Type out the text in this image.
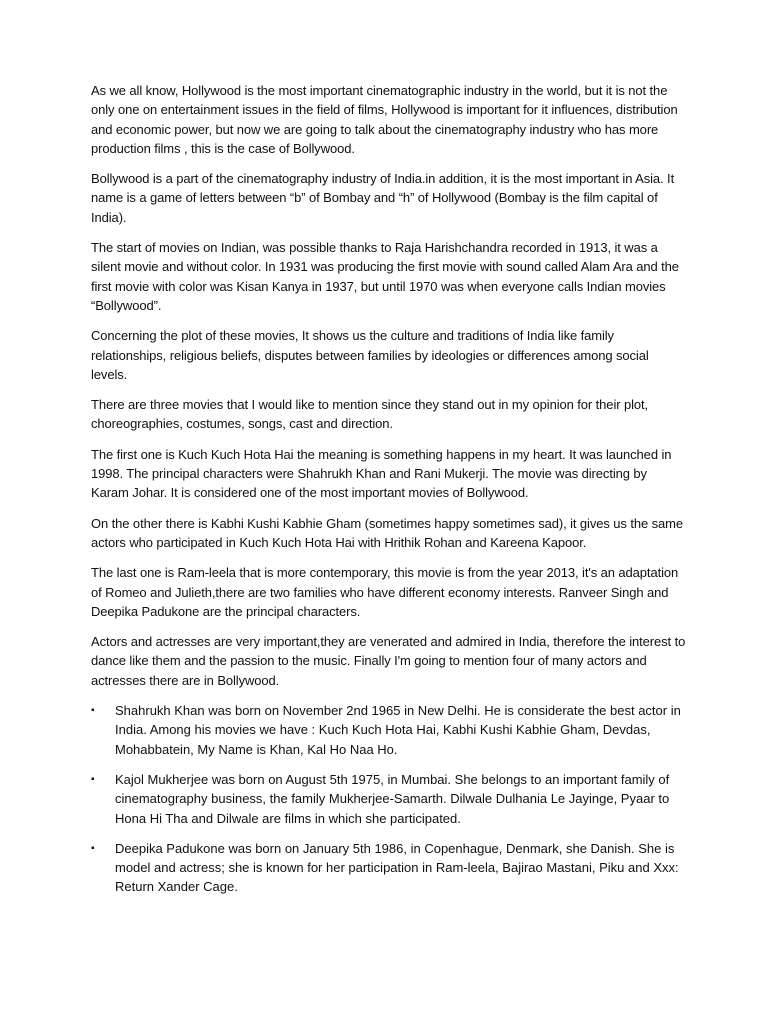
As we all know, Hollywood is the most important cinematographic industry in the world, but it is not the only one on entertainment issues in the field of films, Hollywood is important for it influences, distribution and economic power, but now we are going to talk about the cinematography industry who has more production films , this is the case of Bollywood.

Bollywood is a part of the cinematography industry of India.in addition, it is the most important in Asia. It name is a game of letters between “b” of Bombay and “h” of Hollywood (Bombay is the film capital of India).

The start of movies on Indian, was possible thanks to Raja Harishchandra recorded in 1913, it was a silent movie and without color. In 1931 was producing the first movie with sound called Alam Ara and the first movie with color was Kisan Kanya in 1937, but until 1970 was when everyone calls Indian movies “Bollywood”.

Concerning the plot of these movies, It shows us the culture and traditions of India like family relationships, religious beliefs, disputes between families by ideologies or differences among social levels.

There are three movies that I would like to mention since they stand out in my opinion for their plot, choreographies, costumes, songs, cast and direction.

The first one is Kuch Kuch Hota Hai the meaning is something happens in my heart. It was launched in 1998. The principal characters were Shahrukh Khan and Rani Mukerji. The movie was directing by Karam Johar. It is considered one of the most important movies of Bollywood.

On the other there is Kabhi Kushi Kabhie Gham (sometimes happy sometimes sad), it gives us the same actors who participated in Kuch Kuch Hota Hai with Hrithik Rohan and Kareena Kapoor.

The last one is Ram-leela that is more contemporary, this movie is from the year 2013, it's an adaptation of Romeo and Julieth,there are two families who have different economy interests. Ranveer Singh and Deepika Padukone are the principal characters.

Actors and actresses are very important,they are venerated and admired in India, therefore the interest to dance like them and the passion to the music. Finally I'm going to mention four of many actors and actresses there are in Bollywood.

▪ Shahrukh Khan was born on November 2nd 1965 in New Delhi. He is considerate the best actor in India. Among his movies we have : Kuch Kuch Hota Hai, Kabhi Kushi Kabhie Gham, Devdas, Mohabbatein, My Name is Khan, Kal Ho Naa Ho.
▪ Kajol Mukherjee was born on August 5th 1975, in Mumbai. She belongs to an important family of cinematography business, the family Mukherjee-Samarth. Dilwale Dulhania Le Jayinge, Pyaar to Hona Hi Tha and Dilwale are films in which she participated.
▪ Deepika Padukone was born on January 5th 1986, in Copenhague, Denmark, she Danish. She is model and actress; she is known for her participation in Ram-leela, Bajirao Mastani, Piku and Xxx: Return Xander Cage.
